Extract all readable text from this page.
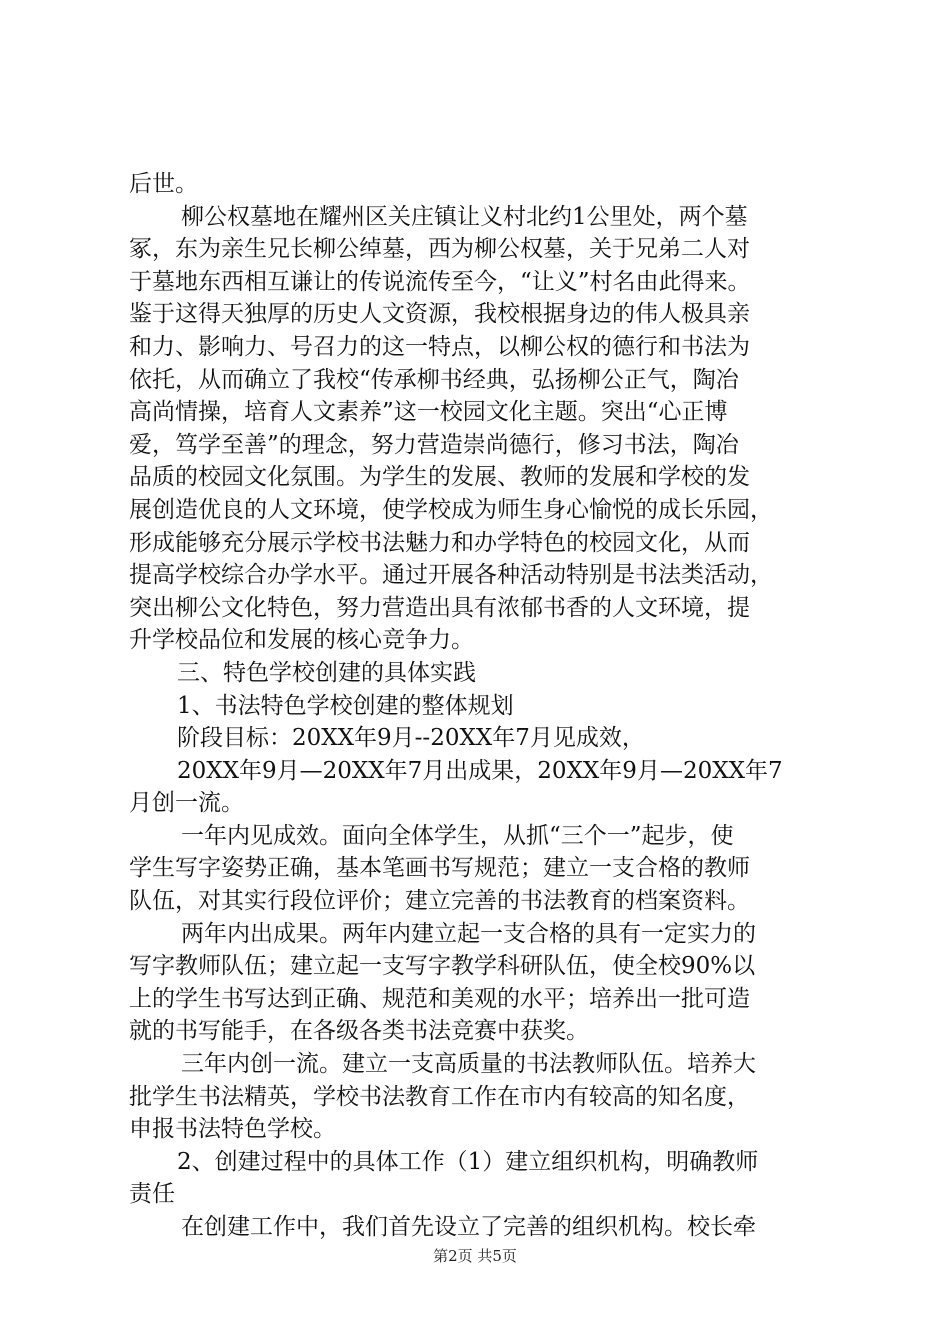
后世。
柳公权墓地在耀州区关庄镇让义村北约1公里处，两个墓
冢，东为亲生兄长柳公绰墓，西为柳公权墓，关于兄弟二人对
于墓地东西相互谦让的传说流传至今，“让义”村名由此得来。
鉴于这得天独厚的历史人文资源，我校根据身边的伟人极具亲
和力、影响力、号召力的这一特点，以柳公权的德行和书法为
依托，从而确立了我校“传承柳书经典，弘扬柳公正气，陶冶
高尚情操，培育人文素养”这一校园文化主题。突出“心正博
爱，笃学至善”的理念，努力营造崇尚德行，修习书法，陶冶
品质的校园文化氛围。为学生的发展、教师的发展和学校的发
展创造优良的人文环境，使学校成为师生身心愉悦的成长乐园，
形成能够充分展示学校书法魅力和办学特色的校园文化，从而
提高学校综合办学水平。通过开展各种活动特别是书法类活动，
突出柳公文化特色，努力营造出具有浓郁书香的人文环境，提
升学校品位和发展的核心竞争力。
三、特色学校创建的具体实践
1、书法特色学校创建的整体规划
阶段目标：20XX年9月--20XX年7月见成效，
20XX年9月—20XX年7月出成果，20XX年9月—20XX年7
月创一流。
一年内见成效。面向全体学生，从抓“三个一”起步，使
学生写字姿势正确，基本笔画书写规范；建立一支合格的教师
队伍，对其实行段位评价；建立完善的书法教育的档案资料。
两年内出成果。两年内建立起一支合格的具有一定实力的
写字教师队伍；建立起一支写字教学科研队伍，使全校90%以
上的学生书写达到正确、规范和美观的水平；培养出一批可造
就的书写能手，在各级各类书法竞赛中获奖。
三年内创一流。建立一支高质量的书法教师队伍。培养大
批学生书法精英，学校书法教育工作在市内有较高的知名度，
申报书法特色学校。
2、创建过程中的具体工作（1）建立组织机构，明确教师
责任
在创建工作中，我们首先设立了完善的组织机构。校长牵
第2页 共5页
